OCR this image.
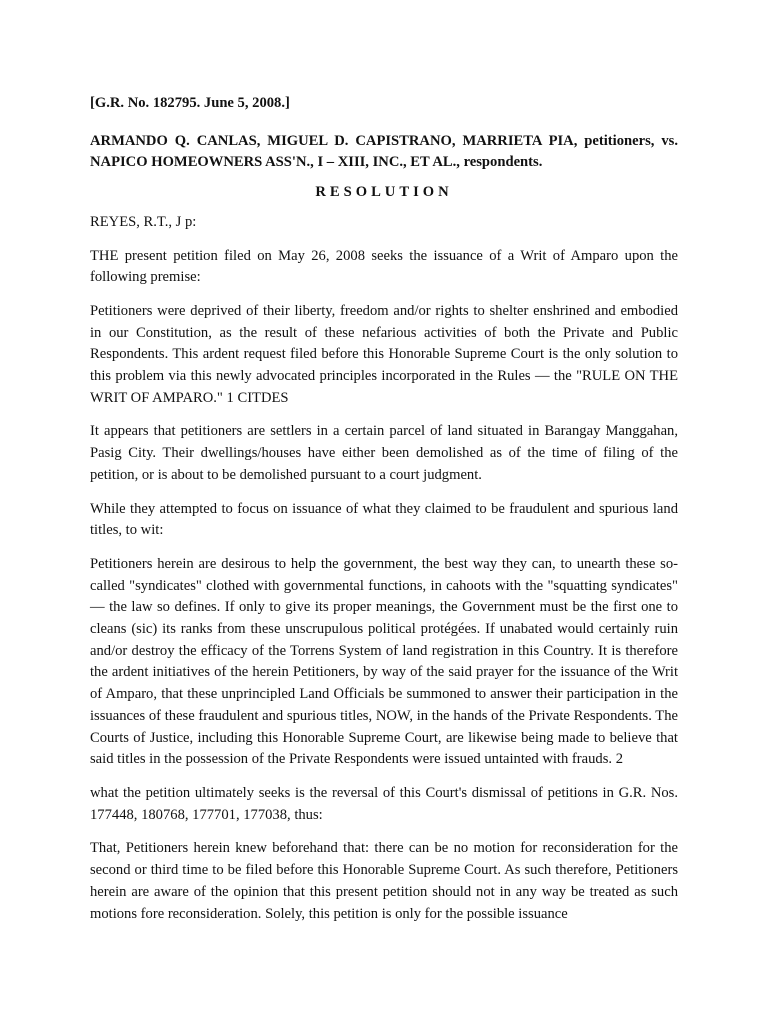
[G.R. No. 182795. June 5, 2008.]

ARMANDO Q. CANLAS, MIGUEL D. CAPISTRANO, MARRIETA PIA, petitioners, vs. NAPICO HOMEOWNERS ASS'N., I – XIII, INC., ET AL., respondents.

RESOLUTION

REYES, R.T., J p:

THE present petition filed on May 26, 2008 seeks the issuance of a Writ of Amparo upon the following premise:

Petitioners were deprived of their liberty, freedom and/or rights to shelter enshrined and embodied in our Constitution, as the result of these nefarious activities of both the Private and Public Respondents. This ardent request filed before this Honorable Supreme Court is the only solution to this problem via this newly advocated principles incorporated in the Rules — the "RULE ON THE WRIT OF AMPARO." 1 CITDES

It appears that petitioners are settlers in a certain parcel of land situated in Barangay Manggahan, Pasig City. Their dwellings/houses have either been demolished as of the time of filing of the petition, or is about to be demolished pursuant to a court judgment.

While they attempted to focus on issuance of what they claimed to be fraudulent and spurious land titles, to wit:

Petitioners herein are desirous to help the government, the best way they can, to unearth these so-called "syndicates" clothed with governmental functions, in cahoots with the "squatting syndicates" — the law so defines. If only to give its proper meanings, the Government must be the first one to cleans (sic) its ranks from these unscrupulous political protégées. If unabated would certainly ruin and/or destroy the efficacy of the Torrens System of land registration in this Country. It is therefore the ardent initiatives of the herein Petitioners, by way of the said prayer for the issuance of the Writ of Amparo, that these unprincipled Land Officials be summoned to answer their participation in the issuances of these fraudulent and spurious titles, NOW, in the hands of the Private Respondents. The Courts of Justice, including this Honorable Supreme Court, are likewise being made to believe that said titles in the possession of the Private Respondents were issued untainted with frauds. 2

what the petition ultimately seeks is the reversal of this Court's dismissal of petitions in G.R. Nos. 177448, 180768, 177701, 177038, thus:

That, Petitioners herein knew beforehand that: there can be no motion for reconsideration for the second or third time to be filed before this Honorable Supreme Court. As such therefore, Petitioners herein are aware of the opinion that this present petition should not in any way be treated as such motions fore reconsideration. Solely, this petition is only for the possible issuance
